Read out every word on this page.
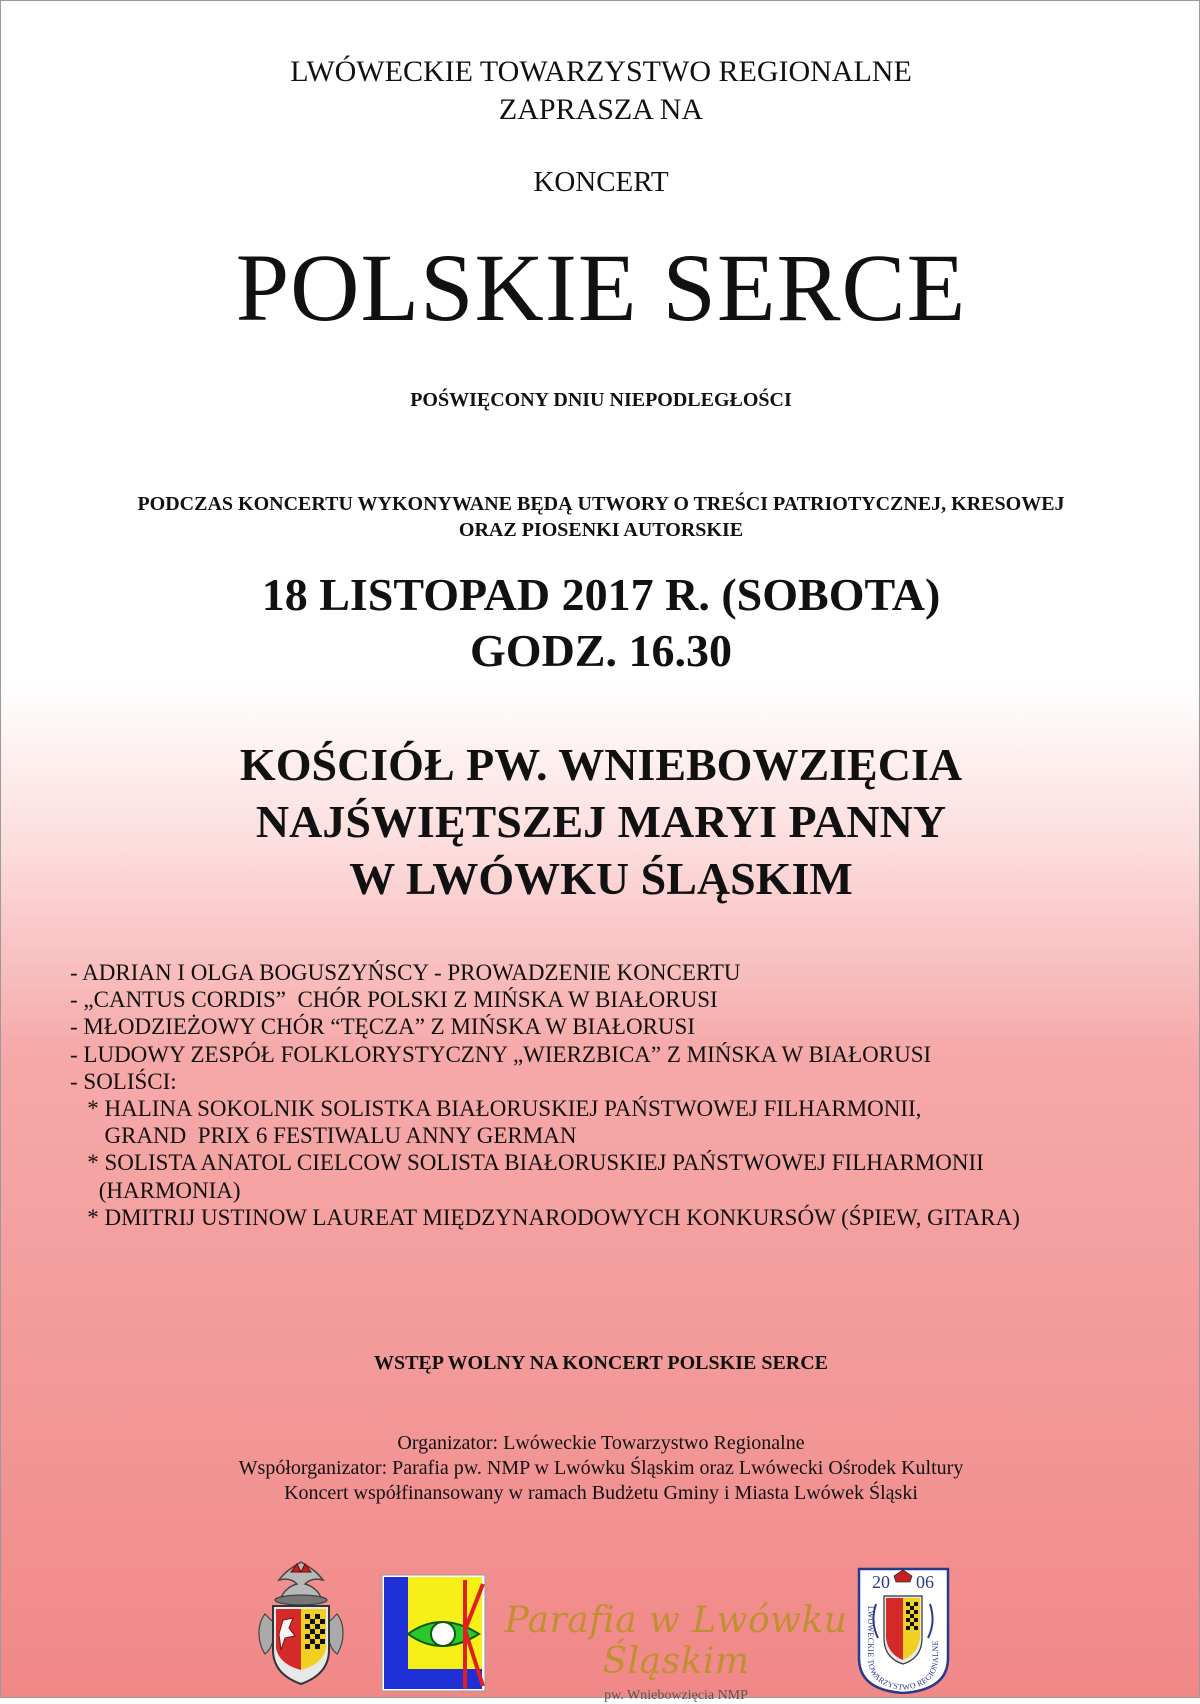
LWÓWECKIE TOWARZYSTWO REGIONALNE
ZAPRASZA NA
KONCERT
POLSKIE SERCE
POŚWIĘCONY DNIU NIEPODLEGŁOŚCI
PODCZAS KONCERTU WYKONYWANE BĘDĄ UTWORY O TREŚCI PATRIOTYCZNEJ, KRESOWEJ
ORAZ PIOSENKI AUTORSKIE
18 LISTOPAD 2017 R. (SOBOTA)
GODZ. 16.30
KOŚCIÓŁ PW. WNIEBOWZIĘCIA
NAJŚWIĘTSZEJ MARYI PANNY
W LWÓWKU ŚLĄSKIM
- ADRIAN I OLGA BOGUSZYŃSCY - PROWADZENIE KONCERTU
- „CANTUS CORDIS”  CHÓR POLSKI Z MIŃSKA W BIAŁORUSI
- MŁODZIEŻOWY CHÓR “TĘCZA” Z MIŃSKA W BIAŁORUSI
- LUDOWY ZESPÓŁ FOLKLORYSTYCZNY „WIERZBICA” Z MIŃSKA W BIAŁORUSI
- SOLIŚCI:
* HALINA SOKOLNIK SOLISTKA BIAŁORUSKIEJ PAŃSTWOWEJ FILHARMONII,
GRAND  PRIX 6 FESTIWALU ANNY GERMAN
* SOLISTA ANATOL CIELCOW SOLISTA BIAŁORUSKIEJ PAŃSTWOWEJ FILHARMONII
(HARMONIA)
* DMITRIJ USTINOW LAUREAT MIĘDZYNARODOWYCH KONKURSÓW (ŚPIEW, GITARA)
WSTĘP WOLNY NA KONCERT POLSKIE SERCE
Organizator: Lwóweckie Towarzystwo Regionalne
Współorganizator: Parafia pw. NMP w Lwówku Śląskim oraz Lwówecki Ośrodek Kultury
Koncert współfinansowany w ramach Budżetu Gminy i Miasta Lwówek Śląski
Parafia w Lwówku Śląskim
pw. Wniebowzięcia NMP
20 06
LWÓWECKIE TOWARZYSTWO REGIONALNE
